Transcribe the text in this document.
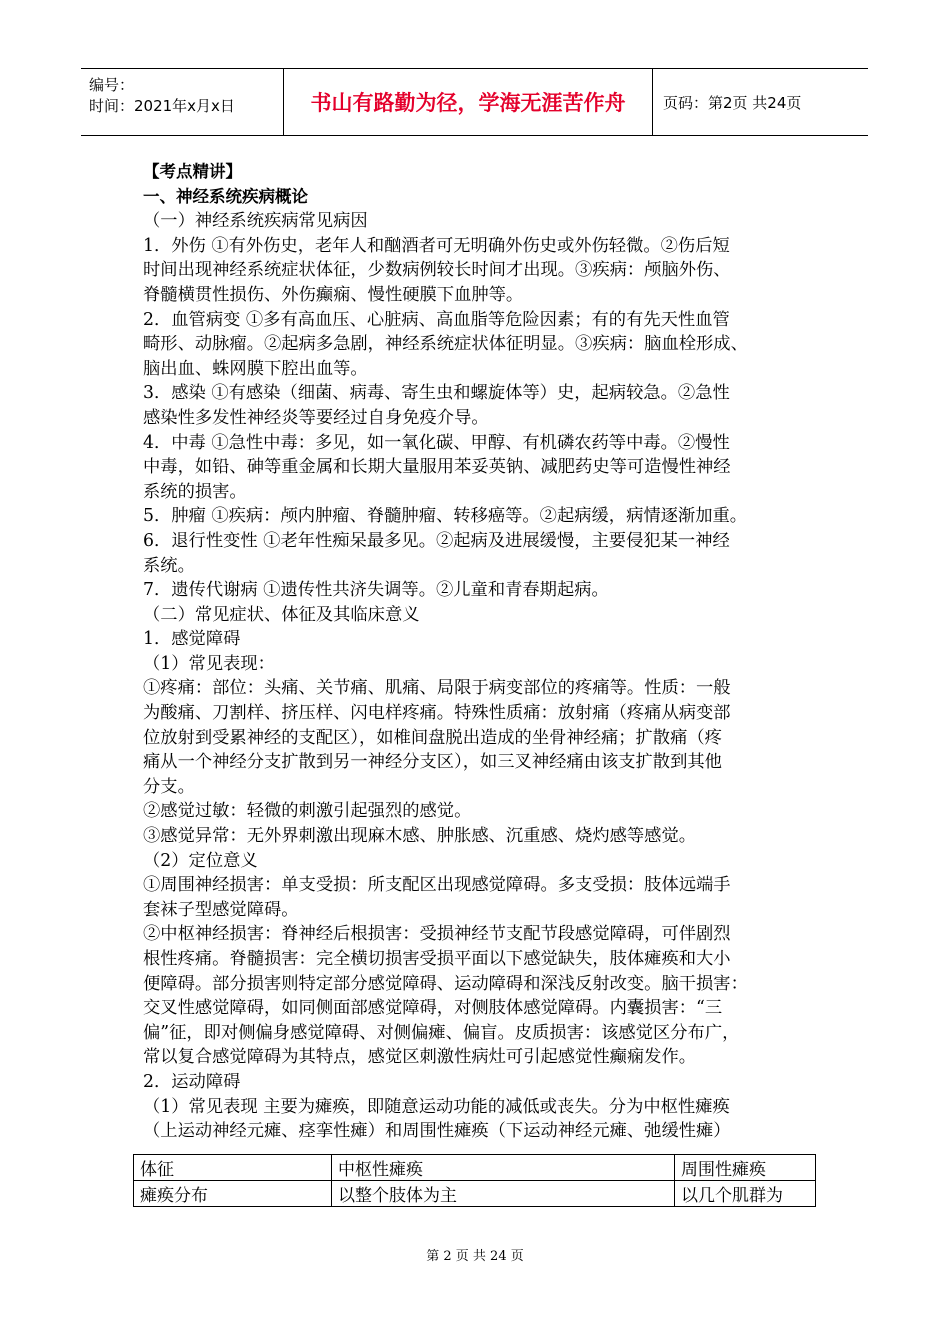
编号：
时间：2021年x月x日	书山有路勤为径，学海无涯苦作舟	页码：第2页 共24页

【考点精讲】

一、神经系统疾病概论

（一）神经系统疾病常见病因

1．外伤 ①有外伤史，老年人和酗酒者可无明确外伤史或外伤轻微。②伤后短

时间出现神经系统症状体征，少数病例较长时间才出现。③疾病：颅脑外伤、

脊髓横贯性损伤、外伤癫痫、慢性硬膜下血肿等。

2．血管病变 ①多有高血压、心脏病、高血脂等危险因素；有的有先天性血管

畸形、动脉瘤。②起病多急剧，神经系统症状体征明显。③疾病：脑血栓形成、

脑出血、蛛网膜下腔出血等。

3．感染 ①有感染（细菌、病毒、寄生虫和螺旋体等）史，起病较急。②急性

感染性多发性神经炎等要经过自身免疫介导。

4．中毒 ①急性中毒：多见，如一氧化碳、甲醇、有机磷农药等中毒。②慢性

中毒，如铅、砷等重金属和长期大量服用苯妥英钠、减肥药史等可造慢性神经

系统的损害。

5．肿瘤 ①疾病：颅内肿瘤、脊髓肿瘤、转移癌等。②起病缓，病情逐渐加重。

6．退行性变性 ①老年性痴呆最多见。②起病及进展缓慢，主要侵犯某一神经

系统。

7．遗传代谢病 ①遗传性共济失调等。②儿童和青春期起病。

（二）常见症状、体征及其临床意义

1．感觉障碍

（1）常见表现：

①疼痛：部位：头痛、关节痛、肌痛、局限于病变部位的疼痛等。性质：一般

为酸痛、刀割样、挤压样、闪电样疼痛。特殊性质痛：放射痛（疼痛从病变部

位放射到受累神经的支配区），如椎间盘脱出造成的坐骨神经痛；扩散痛（疼

痛从一个神经分支扩散到另一神经分支区），如三叉神经痛由该支扩散到其他

分支。

②感觉过敏：轻微的刺激引起强烈的感觉。

③感觉异常：无外界刺激出现麻木感、肿胀感、沉重感、烧灼感等感觉。

（2）定位意义

①周围神经损害：单支受损：所支配区出现感觉障碍。多支受损：肢体远端手

套袜子型感觉障碍。

②中枢神经损害：脊神经后根损害：受损神经节支配节段感觉障碍，可伴剧烈

根性疼痛。脊髓损害：完全横切损害受损平面以下感觉缺失，肢体瘫痪和大小

便障碍。部分损害则特定部分感觉障碍、运动障碍和深浅反射改变。脑干损害：

交叉性感觉障碍，如同侧面部感觉障碍，对侧肢体感觉障碍。内囊损害：“三

偏”征，即对侧偏身感觉障碍、对侧偏瘫、偏盲。皮质损害：该感觉区分布广，

常以复合感觉障碍为其特点，感觉区刺激性病灶可引起感觉性癫痫发作。

2．运动障碍

（1）常见表现 主要为瘫痪，即随意运动功能的减低或丧失。分为中枢性瘫痪

（上运动神经元瘫、痉挛性瘫）和周围性瘫痪（下运动神经元瘫、弛缓性瘫）

体征	中枢性瘫痪	周围性瘫痪
瘫痪分布	以整个肢体为主	以几个肌群为
第 2 页 共 24 页
